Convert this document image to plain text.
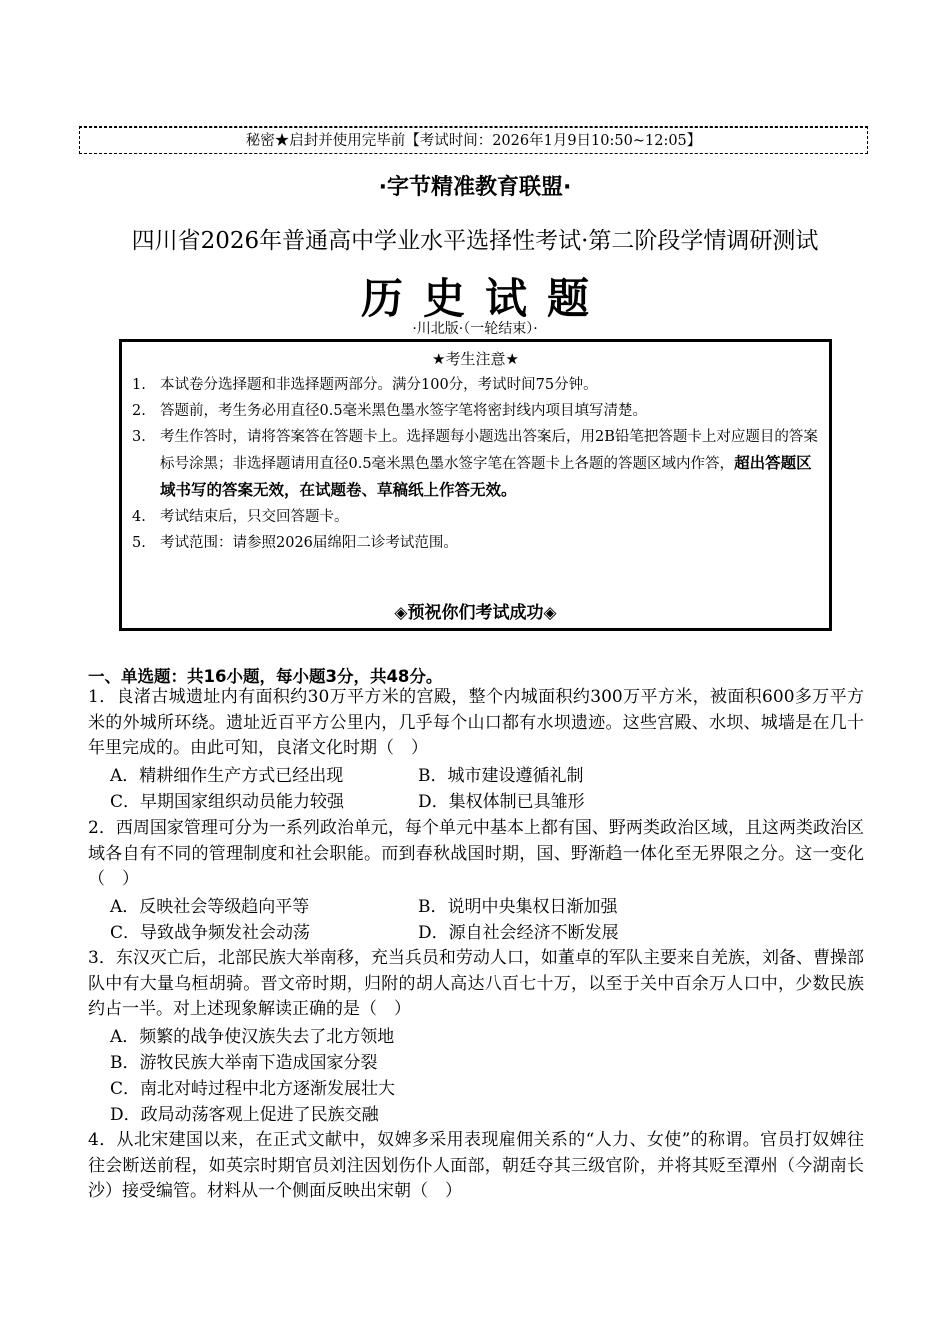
秘密★启封并使用完毕前【考试时间：2026年1月9日10:50~12:05】
·字节精准教育联盟·
四川省2026年普通高中学业水平选择性考试·第二阶段学情调研测试
历史试题
·川北版·（一轮结束）·
★考生注意★
1. 本试卷分选择题和非选择题两部分。满分100分，考试时间75分钟。
2. 答题前，考生务必用直径0.5毫米黑色墨水签字笔将密封线内项目填写清楚。
3. 考生作答时，请将答案答在答题卡上。选择题每小题选出答案后，用2B铅笔把答题卡上对应题目的答案标号涂黑；非选择题请用直径0.5毫米黑色墨水签字笔在答题卡上各题的答题区域内作答，超出答题区域书写的答案无效，在试题卷、草稿纸上作答无效。
4. 考试结束后，只交回答题卡。
5. 考试范围：请参照2026届绵阳二诊考试范围。
◈预祝你们考试成功◈
一、单选题：共16小题，每小题3分，共48分。
1．良渚古城遗址内有面积约30万平方米的宫殿，整个内城面积约300万平方米，被面积600多万平方米的外城所环绕。遗址近百平方公里内，几乎每个山口都有水坝遗迹。这些宫殿、水坝、城墙是在几十年里完成的。由此可知，良渚文化时期（　）
A．精耕细作生产方式已经出现	B．城市建设遵循礼制
C．早期国家组织动员能力较强	D．集权体制已具雏形
2．西周国家管理可分为一系列政治单元，每个单元中基本上都有国、野两类政治区域，且这两类政治区域各自有不同的管理制度和社会职能。而到春秋战国时期，国、野渐趋一体化至无界限之分。这一变化（　）
A．反映社会等级趋向平等	B．说明中央集权日渐加强
C．导致战争频发社会动荡	D．源自社会经济不断发展
3．东汉灭亡后，北部民族大举南移，充当兵员和劳动人口，如董卓的军队主要来自羌族，刘备、曹操部队中有大量乌桓胡骑。晋文帝时期，归附的胡人高达八百七十万，以至于关中百余万人口中，少数民族约占一半。对上述现象解读正确的是（　）
A．频繁的战争使汉族失去了北方领地
B．游牧民族大举南下造成国家分裂
C．南北对峙过程中北方逐渐发展壮大
D．政局动荡客观上促进了民族交融
4．从北宋建国以来，在正式文献中，奴婢多采用表现雇佣关系的“人力、女使”的称谓。官员打奴婢往往会断送前程，如英宗时期官员刘注因划伤仆人面部，朝廷夺其三级官阶，并将其贬至潭州（今湖南长沙）接受编管。材料从一个侧面反映出宋朝（　）
